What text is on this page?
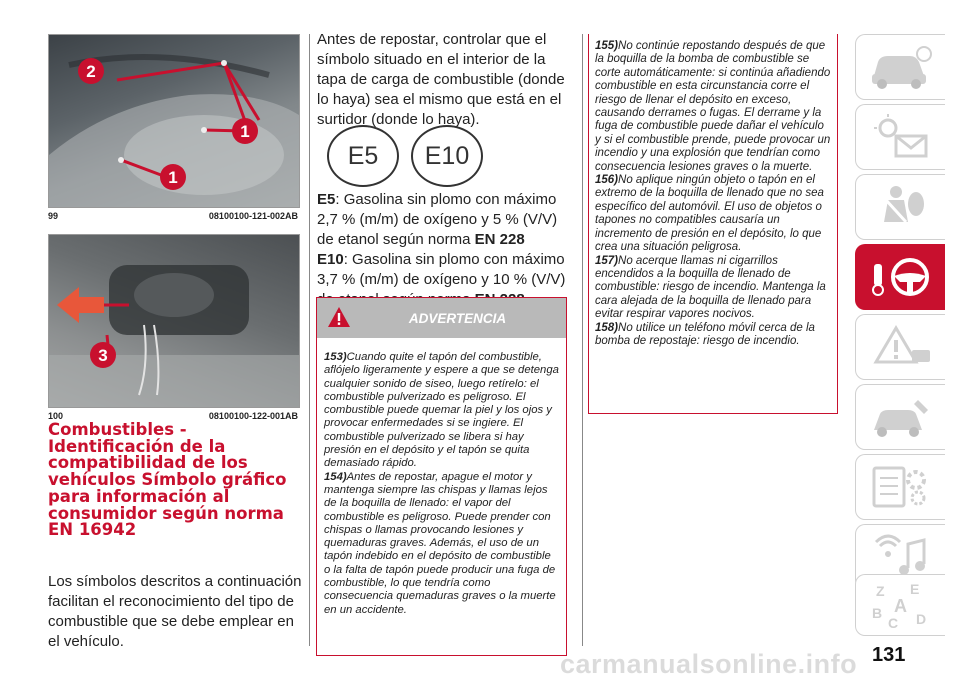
2
1
1
99	08100100-121-002AB
3
100	08100100-122-001AB
Combustibles - Identificación de la compatibilidad de los vehículos Símbolo gráfico para información al consumidor según norma EN 16942

Los símbolos descritos a continuación facilitan el reconocimiento del tipo de combustible que se debe emplear en el vehículo.

Antes de repostar, controlar que el símbolo situado en el interior de la tapa de carga de combustible (donde lo haya) sea el mismo que está en el surtidor (donde lo haya).

E5	E10

E5: Gasolina sin plomo con máximo 2,7 % (m/m) de oxígeno y 5 % (V/V) de etanol según norma EN 228
E10: Gasolina sin plomo con máximo 3,7 % (m/m) de oxígeno y 10 % (V/V)

ADVERTENCIA
153)Cuando quite el tapón del combustible, aflójelo ligeramente y espere a que se detenga cualquier sonido de siseo, luego retírelo: el combustible pulverizado es peligroso. El combustible puede quemar la piel y los ojos y provocar enfermedades si se ingiere. El combustible pulverizado se libera si hay presión en el depósito y el tapón se quita demasiado rápido.
154)Antes de repostar, apague el motor y mantenga siempre las chispas y llamas lejos de la boquilla de llenado: el vapor del combustible es peligroso. Puede prender con chispas o llamas provocando lesiones y quemaduras graves. Además, el uso de un tapón indebido en el depósito de combustible o la falta de tapón puede producir una fuga de combustible, lo que tendría como consecuencia quemaduras graves o la muerte en un accidente.
155)No continúe repostando después de que la boquilla de la bomba de combustible se corte automáticamente: si continúa añadiendo combustible en esta circunstancia corre el riesgo de llenar el depósito en exceso, causando derrames o fugas. El derrame y la fuga de combustible puede dañar el vehículo y si el combustible prende, puede provocar un incendio y una explosión que tendrían como consecuencia lesiones graves o la muerte.
156)No aplique ningún objeto o tapón en el extremo de la boquilla de llenado que no sea específico del automóvil. El uso de objetos o tapones no compatibles causaría un incremento de presión en el depósito, lo que crea una situación peligrosa.
157)No acerque llamas ni cigarrillos encendidos a la boquilla de llenado de combustible: riesgo de incendio. Mantenga la cara alejada de la boquilla de llenado para evitar respirar vapores nocivos.
158)No utilice un teléfono móvil cerca de la bomba de repostaje: riesgo de incendio.
Z E
A
B
C D
131
carmanualsonline.info
